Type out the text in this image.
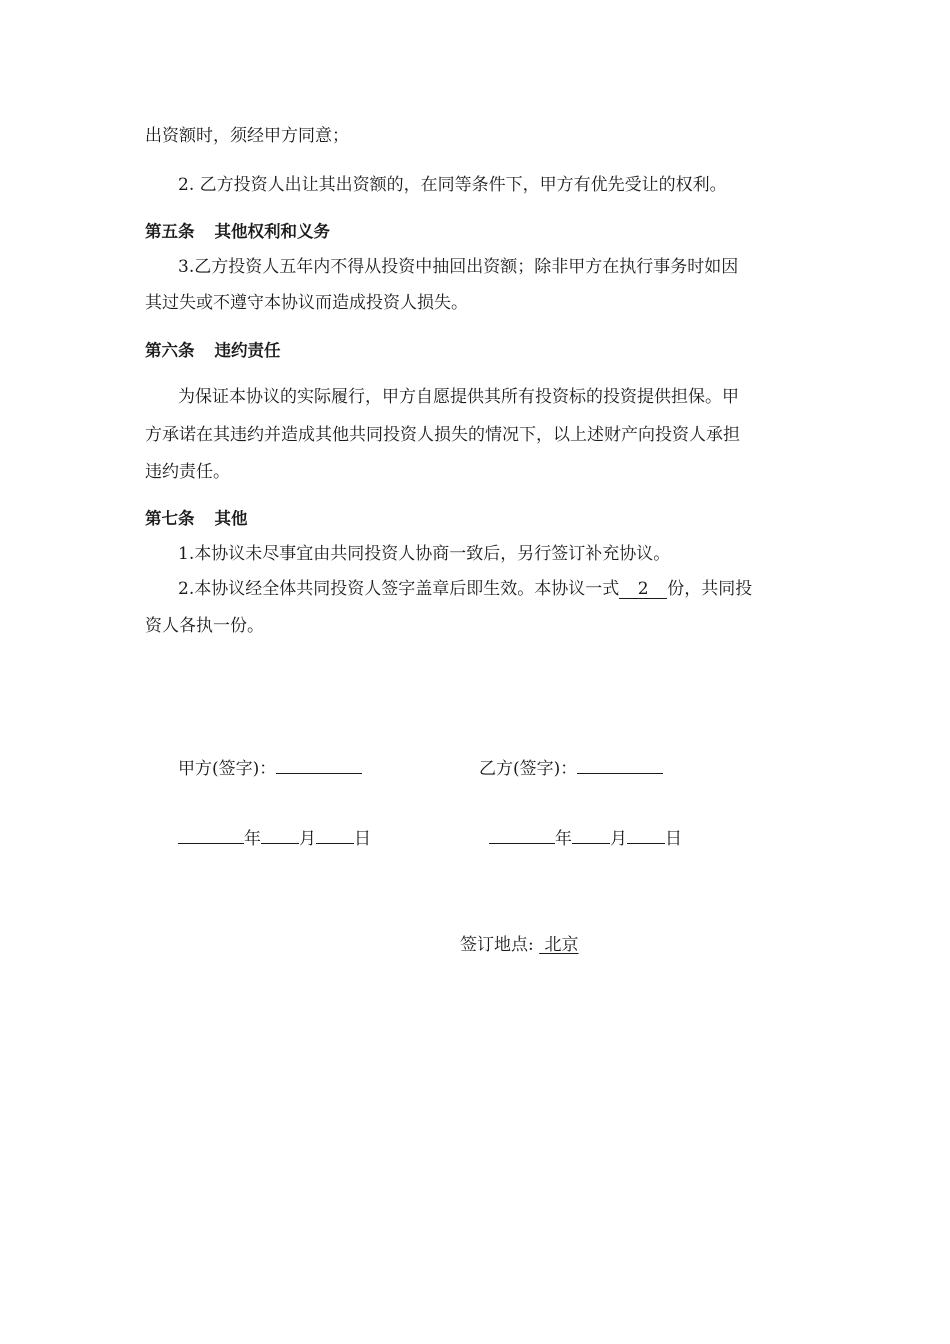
出资额时，须经甲方同意；
2. 乙方投资人出让其出资额的，在同等条件下，甲方有优先受让的权利。
第五条 其他权利和义务
3.乙方投资人五年内不得从投资中抽回出资额；除非甲方在执行事务时如因
其过失或不遵守本协议而造成投资人损失。
第六条 违约责任
为保证本协议的实际履行，甲方自愿提供其所有投资标的投资提供担保。甲
方承诺在其违约并造成其他共同投资人损失的情况下，以上述财产向投资人承担
违约责任。
第七条 其他
1.本协议未尽事宜由共同投资人协商一致后，另行签订补充协议。
2.本协议经全体共同投资人签字盖章后即生效。本协议一式 2 份，共同投
资人各执一份。
甲方(签字)：	乙方(签字)：
年 月 日	年 月 日
签订地点: 北京
